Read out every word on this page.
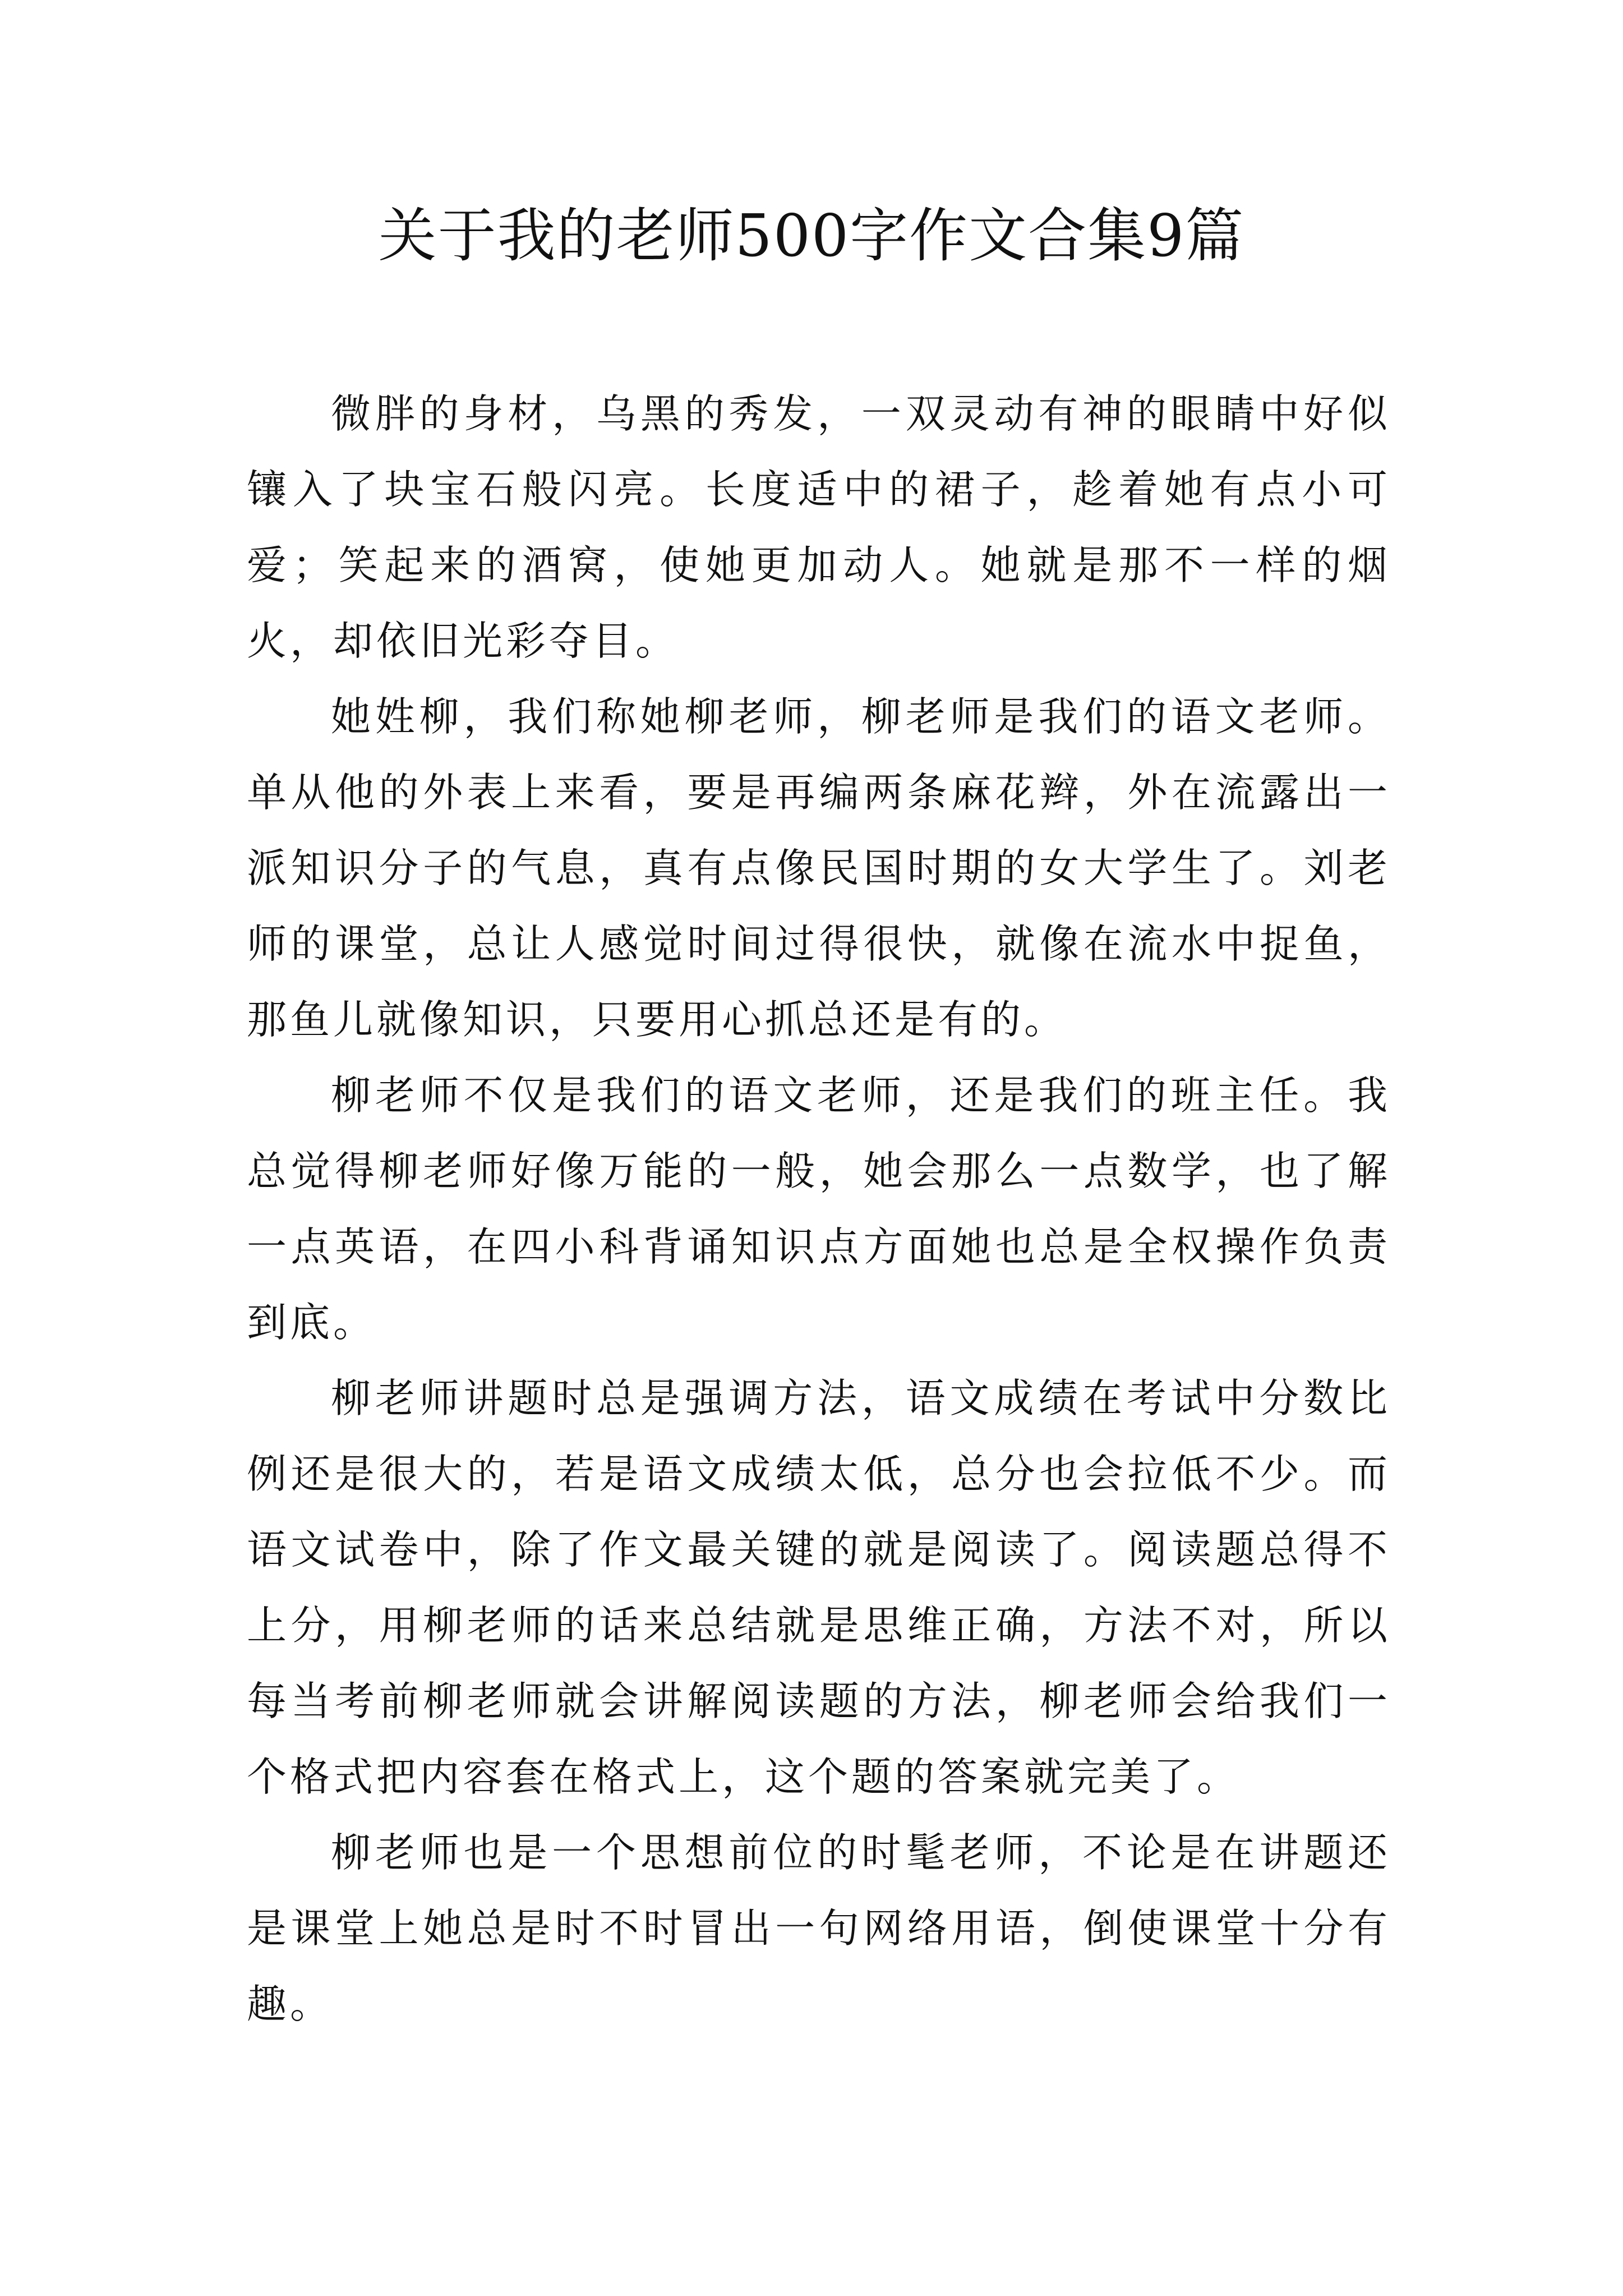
关于我的老师500字作文合集9篇

微胖的身材，乌黑的秀发，一双灵动有神的眼睛中好似镶入了块宝石般闪亮。长度适中的裙子，趁着她有点小可爱；笑起来的酒窝，使她更加动人。她就是那不一样的烟火，却依旧光彩夺目。

她姓柳，我们称她柳老师，柳老师是我们的语文老师。单从他的外表上来看，要是再编两条麻花辫，外在流露出一派知识分子的气息，真有点像民国时期的女大学生了。刘老师的课堂，总让人感觉时间过得很快，就像在流水中捉鱼，那鱼儿就像知识，只要用心抓总还是有的。

柳老师不仅是我们的语文老师，还是我们的班主任。我总觉得柳老师好像万能的一般，她会那么一点数学，也了解一点英语，在四小科背诵知识点方面她也总是全权操作负责到底。

柳老师讲题时总是强调方法，语文成绩在考试中分数比例还是很大的，若是语文成绩太低，总分也会拉低不少。而语文试卷中，除了作文最关键的就是阅读了。阅读题总得不上分，用柳老师的话来总结就是思维正确，方法不对，所以每当考前柳老师就会讲解阅读题的方法，柳老师会给我们一个格式把内容套在格式上，这个题的答案就完美了。

柳老师也是一个思想前位的时髦老师，不论是在讲题还是课堂上她总是时不时冒出一句网络用语，倒使课堂十分有趣。
